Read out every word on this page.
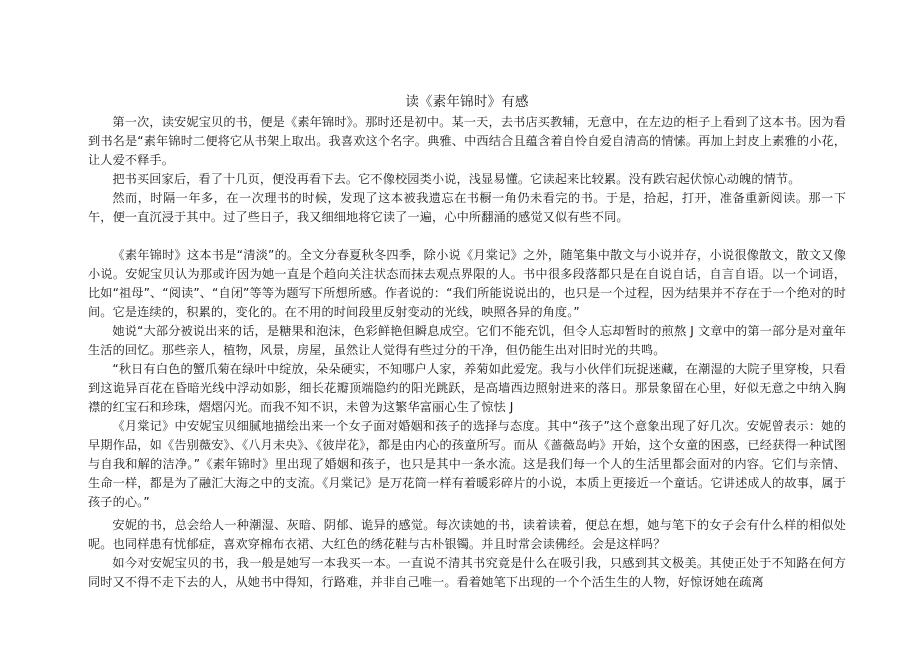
读《素年锦时》有感

第一次，读安妮宝贝的书，便是《素年锦时》。那时还是初中。某一天，去书店买教辅，无意中，在左边的柜子上看到了这本书。因为看到书名是“素年锦时二便将它从书架上取出。我喜欢这个名字。典雅、中西结合且蕴含着自怜自爱自清高的情愫。再加上封皮上素雅的小花，让人爱不释手。

把书买回家后，看了十几页，便没再看下去。它不像校园类小说，浅显易懂。它读起来比较累。没有跌宕起伏惊心动魄的情节。

然而，时隔一年多，在一次理书的时候，发现了这本被我遗忘在书橱一角仍未看完的书。于是，拾起，打开，准备重新阅读。那一下午，便一直沉浸于其中。过了些日子，我又细细地将它读了一遍，心中所翻涌的感觉又似有些不同。

《素年锦时》这本书是“清淡”的。全文分春夏秋冬四季，除小说《月棠记》之外，随笔集中散文与小说并存，小说很像散文，散文又像小说。安妮宝贝认为那或许因为她一直是个趋向关注状态而抹去观点界限的人。书中很多段落都只是在自说自话，自言自语。以一个词语，比如“祖母”、“阅读”、“自闭”等等为题写下所想所感。作者说的：“我们所能说说出的，也只是一个过程，因为结果并不存在于一个绝对的时间。它是连续的，积累的，变化的。在不用的时间段里反射变动的光线，映照各异的角度。”

她说“大部分被说出来的话，是糖果和泡沫，色彩鲜艳但瞬息成空。它们不能充饥，但令人忘却暂时的煎熬 J 文章中的第一部分是对童年生活的回忆。那些亲人，植物，风景，房屋，虽然让人觉得有些过分的干净，但仍能生出对旧时光的共鸣。

“秋日有白色的蟹爪菊在绿叶中绽放，朵朵硬实，不知哪户人家，养菊如此爱宠。我与小伙伴们玩捉迷藏，在潮湿的大院子里穿梭，只看到这诡异百花在昏暗光线中浮动如影，细长花瓣顶端隐约的阳光跳跃，是高墙西边照射进来的落日。那景象留在心里，好似无意之中纳入胸襟的红宝石和珍珠，熠熠闪光。而我不知不识，未曾为这繁华富丽心生了惊怯 J

《月棠记》中安妮宝贝细腻地描绘出来一个女子面对婚姻和孩子的选择与态度。其中“孩子”这个意象出现了好几次。安妮曾表示：她的早期作品，如《告别薇安》、《八月未央》、《彼岸花》，都是由内心的孩童所写。而从《蔷薇岛屿》开始，这个女童的困惑，已经获得一种试图与自我和解的洁净。”《素年锦时》里出现了婚姻和孩子，也只是其中一条水流。这是我们每一个人的生活里都会面对的内容。它们与亲情、生命一样，都是为了融汇大海之中的支流。《月棠记》是万花筒一样有着暖彩碎片的小说，本质上更接近一个童话。它讲述成人的故事，属于孩子的心。”

安妮的书，总会给人一种潮湿、灰暗、阴郁、诡异的感觉。每次读她的书，读着读着，便总在想，她与笔下的女子会有什么样的相似处呢。也同样患有忧郁症，喜欢穿棉布衣裙、大红色的绣花鞋与古朴银镯。并且时常会读佛经。会是这样吗？

如今对安妮宝贝的书，我一般是她写一本我买一本。一直说不清其书究竟是什么在吸引我，只感到其文极美。其使正处于不知路在何方同时又不得不走下去的人，从她书中得知，行路难，并非自己唯一。看着她笔下出现的一个个活生生的人物，好惊讶她在疏离
